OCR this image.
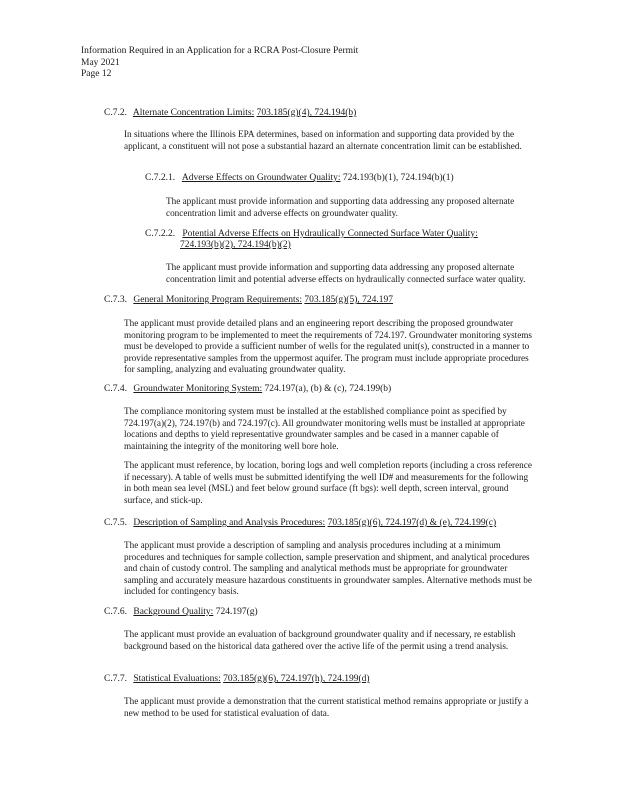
Information Required in an Application for a RCRA Post-Closure Permit
May 2021
Page 12
C.7.2. Alternate Concentration Limits: 703.185(g)(4), 724.194(b)
In situations where the Illinois EPA determines, based on information and supporting data provided by the applicant, a constituent will not pose a substantial hazard an alternate concentration limit can be established.
C.7.2.1. Adverse Effects on Groundwater Quality: 724.193(b)(1), 724.194(b)(1)
The applicant must provide information and supporting data addressing any proposed alternate concentration limit and adverse effects on groundwater quality.
C.7.2.2. Potential Adverse Effects on Hydraulically Connected Surface Water Quality:
724.193(b)(2), 724.194(b)(2)
The applicant must provide information and supporting data addressing any proposed alternate concentration limit and potential adverse effects on hydraulically connected surface water quality.
C.7.3. General Monitoring Program Requirements: 703.185(g)(5), 724.197
The applicant must provide detailed plans and an engineering report describing the proposed groundwater monitoring program to be implemented to meet the requirements of 724.197. Groundwater monitoring systems must be developed to provide a sufficient number of wells for the regulated unit(s), constructed in a manner to provide representative samples from the uppermost aquifer. The program must include appropriate procedures for sampling, analyzing and evaluating groundwater quality.
C.7.4. Groundwater Monitoring System: 724.197(a), (b) & (c), 724.199(b)
The compliance monitoring system must be installed at the established compliance point as specified by 724.197(a)(2), 724.197(b) and 724.197(c). All groundwater monitoring wells must be installed at appropriate locations and depths to yield representative groundwater samples and be cased in a manner capable of maintaining the integrity of the monitoring well bore hole.
The applicant must reference, by location, boring logs and well completion reports (including a cross reference if necessary). A table of wells must be submitted identifying the well ID# and measurements for the following in both mean sea level (MSL) and feet below ground surface (ft bgs): well depth, screen interval, ground surface, and stick-up.
C.7.5. Description of Sampling and Analysis Procedures: 703.185(g)(6), 724.197(d) & (e), 724.199(c)
The applicant must provide a description of sampling and analysis procedures including at a minimum procedures and techniques for sample collection, sample preservation and shipment, and analytical procedures and chain of custody control. The sampling and analytical methods must be appropriate for groundwater sampling and accurately measure hazardous constituents in groundwater samples. Alternative methods must be included for contingency basis.
C.7.6. Background Quality: 724.197(g)
The applicant must provide an evaluation of background groundwater quality and if necessary, re establish background based on the historical data gathered over the active life of the permit using a trend analysis.
C.7.7. Statistical Evaluations: 703.185(g)(6), 724.197(h), 724.199(d)
The applicant must provide a demonstration that the current statistical method remains appropriate or justify a new method to be used for statistical evaluation of data.
